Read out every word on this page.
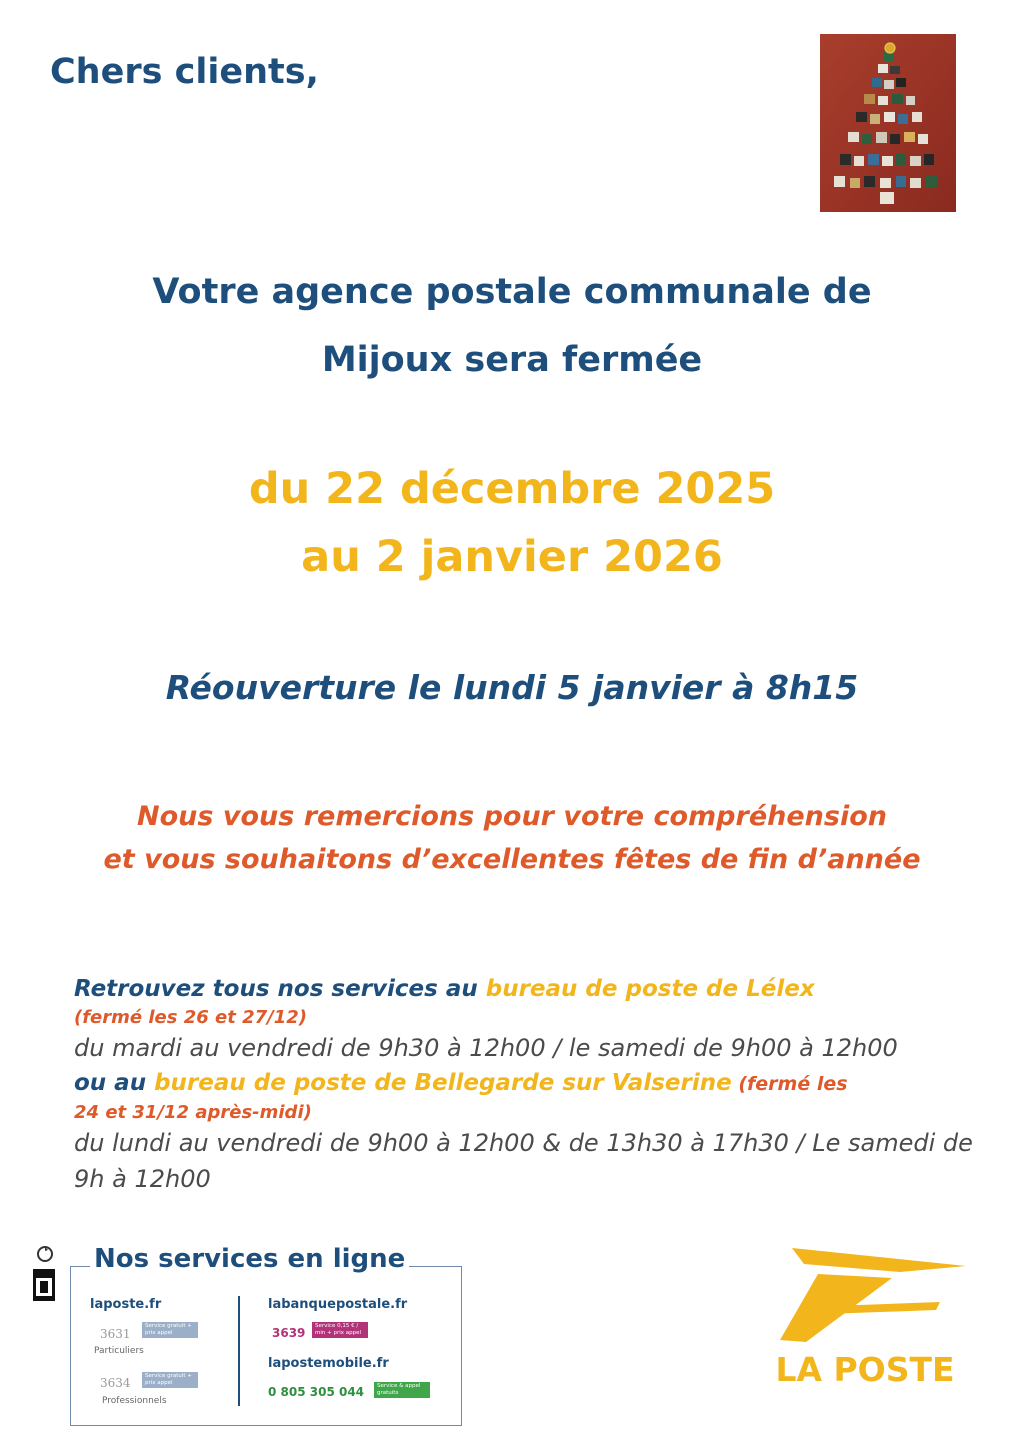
Chers clients,
Votre agence postale communale de
Mijoux sera fermée
du 22 décembre 2025
au 2 janvier 2026
Réouverture le lundi 5 janvier à 8h15
Nous vous remercions pour votre compréhension
et vous souhaitons d’excellentes fêtes de fin d’année
Retrouvez tous nos services au bureau de poste de Lélex
(fermé les 26 et 27/12)
du mardi au vendredi de 9h30 à 12h00 / le samedi de 9h00 à 12h00
ou au bureau de poste de Bellegarde sur Valserine (fermé les
24 et 31/12 après-midi)
du lundi au vendredi de 9h00 à 12h00 & de 13h30 à 17h30 / Le samedi de 9h à 12h00
Nos services en ligne
laposte.fr
3631
Service gratuit + prix appel
Particuliers
3634	Service gratuit + prix appel
Professionnels
labanquepostale.fr
3639	Service 0,15 € / min + prix appel
lapostemobile.fr
0 805 305 044	Service & appel gratuits
LA POSTE
